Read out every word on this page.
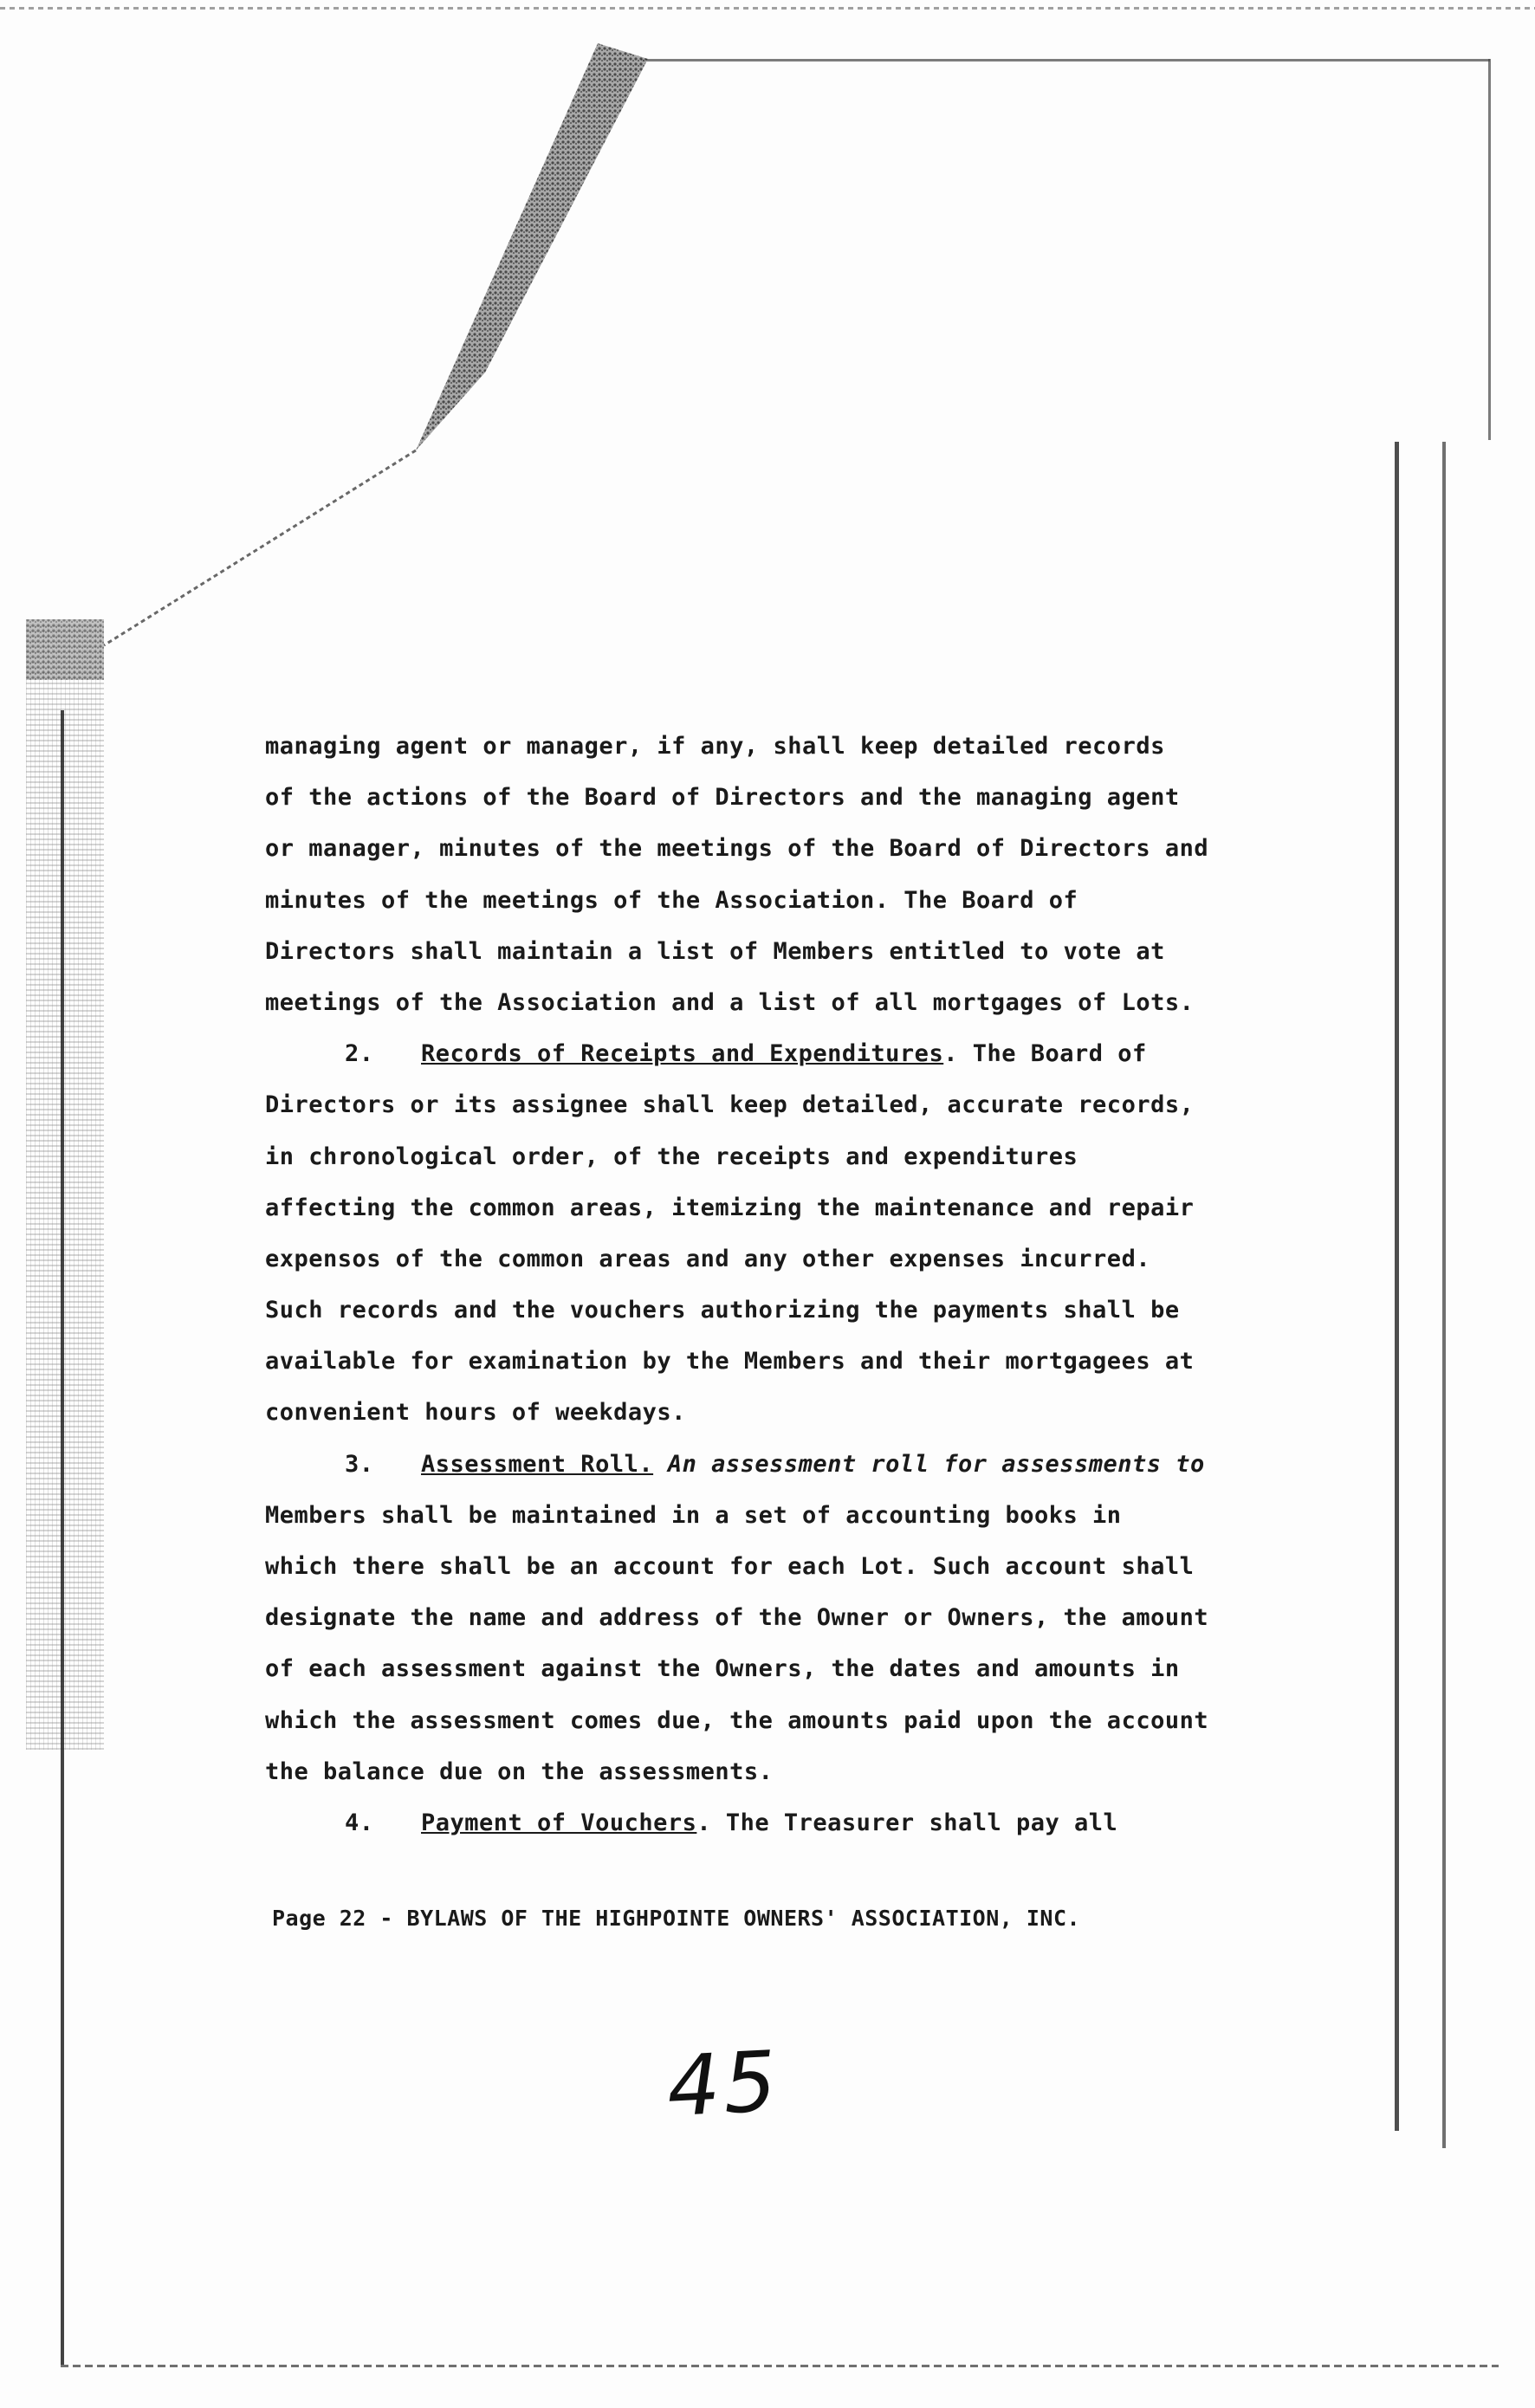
managing agent or manager, if any, shall keep detailed records
of the actions of the Board of Directors and the managing agent
or manager, minutes of the meetings of the Board of Directors and
minutes of the meetings of the Association. The Board of
Directors shall maintain a list of Members entitled to vote at
meetings of the Association and a list of all mortgages of Lots.
2. Records of Receipts and Expenditures. The Board of
Directors or its assignee shall keep detailed, accurate records,
in chronological order, of the receipts and expenditures
affecting the common areas, itemizing the maintenance and repair
expensos of the common areas and any other expenses incurred.
Such records and the vouchers authorizing the payments shall be
available for examination by the Members and their mortgagees at
convenient hours of weekdays.
3. Assessment Roll. An assessment roll for assessments to
Members shall be maintained in a set of accounting books in
which there shall be an account for each Lot. Such account shall
designate the name and address of the Owner or Owners, the amount
of each assessment against the Owners, the dates and amounts in
which the assessment comes due, the amounts paid upon the account
the balance due on the assessments.
4. Payment of Vouchers. The Treasurer shall pay all
Page 22 - BYLAWS OF THE HIGHPOINTE OWNERS' ASSOCIATION, INC.
45
